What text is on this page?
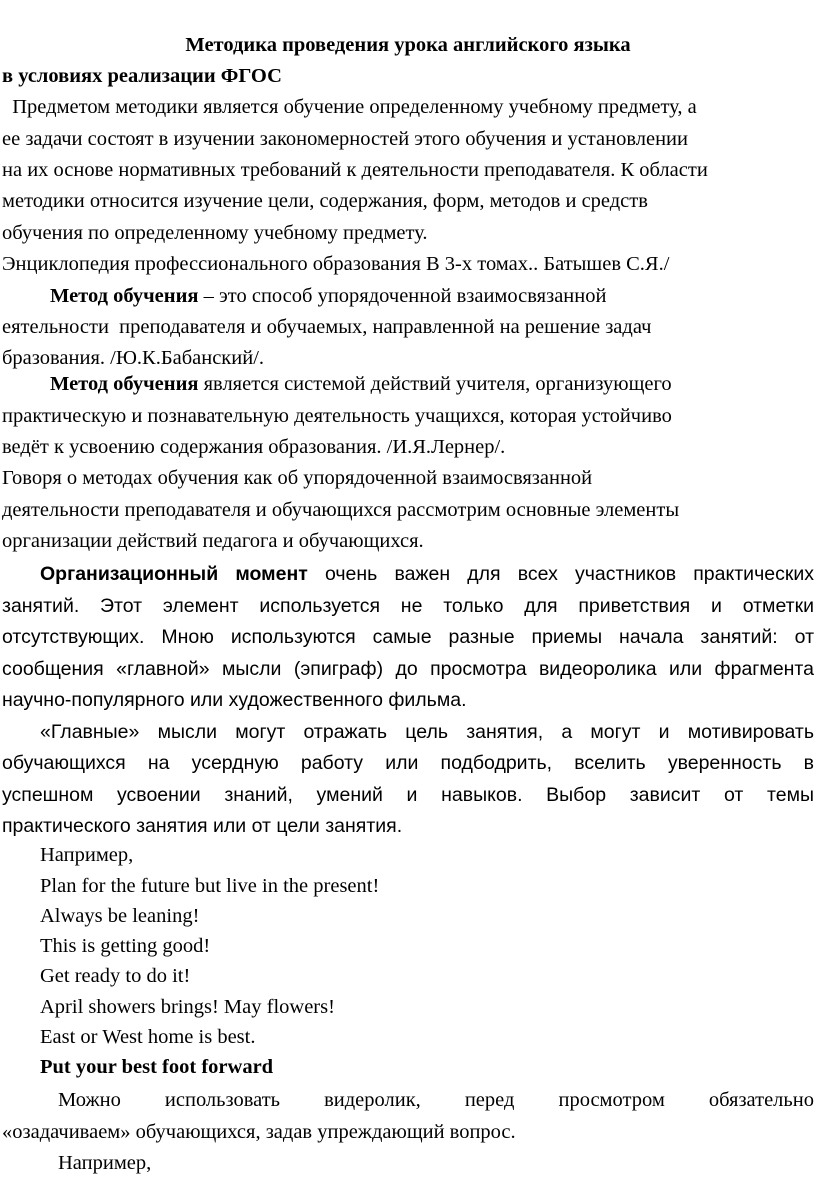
Методика проведения урока английского языка
в условиях реализации ФГОС
Предметом методики является обучение определенному учебному предмету, а
ее задачи состоят в изучении закономерностей этого обучения и установлении
на их основе нормативных требований к деятельности преподавателя. К области
методики относится изучение цели, содержания, форм, методов и средств
обучения по определенному учебному предмету.
Энциклопедия профессионального образования В 3-х томах.. Батышев С.Я./
Метод обучения – это способ упорядоченной взаимосвязанной
еятельности  преподавателя и обучаемых, направленной на решение задач
бразования. /Ю.К.Бабанский/.
Метод обучения является системой действий учителя, организующего
практическую и познавательную деятельность учащихся, которая устойчиво
ведёт к усвоению содержания образования. /И.Я.Лернер/.
Говоря о методах обучения как об упорядоченной взаимосвязанной
деятельности преподавателя и обучающихся рассмотрим основные элементы
организации действий педагога и обучающихся.
Организационный момент очень важен для всех участников практических
занятий. Этот элемент используется не только для приветствия и отметки
отсутствующих. Мною используются самые разные приемы начала занятий: от
сообщения «главной» мысли (эпиграф) до просмотра видеоролика или фрагмента
научно-популярного или художественного фильма.
«Главные» мысли могут отражать цель занятия, а могут и мотивировать
обучающихся на усердную работу или подбодрить, вселить уверенность в
успешном усвоении знаний, умений и навыков. Выбор зависит от темы
практического занятия или от цели занятия.
Например,
Plan for the future but live in the present!
Always be leaning!
This is getting good!
Get ready to do it!
April showers brings! May flowers!
East or West home is best.
Put your best foot forward
Можно использовать видеролик, перед просмотром обязательно
«озадачиваем» обучающихся, задав упреждающий вопрос.
Например,
